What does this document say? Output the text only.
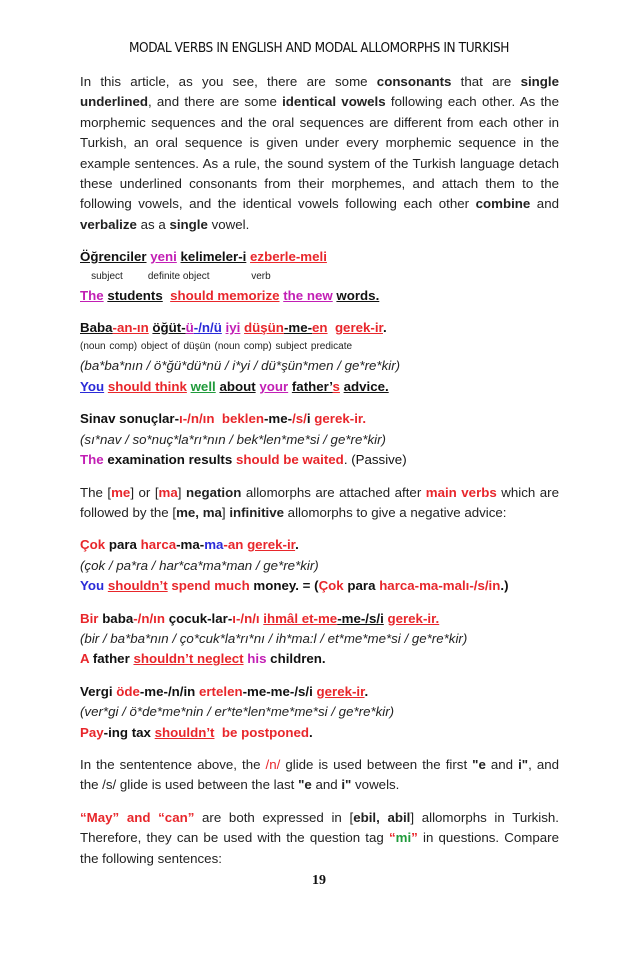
MODAL VERBS IN ENGLISH AND MODAL ALLOMORPHS IN TURKISH

In this article, as you see, there are some consonants that are single underlined, and there are some identical vowels following each other. As the morphemic sequences and the oral sequences are different from each other in Turkish, an oral sequence is given under every morphemic sequence in the example sentences. As a rule, the sound system of the Turkish language detach these underlined consonants from their morphemes, and attach them to the following vowels, and the identical vowels following each other combine and verbalize as a single vowel.

Öğrenciler yeni kelimeler-i ezberle-meli
subject	definite object	verb
The students should memorize the new words.
Baba-an-ın öğüt-ü-/n/ü iyi düşün-me-en gerek-ir.
(noun comp) object of düşün (noun comp) subject predicate
(ba*ba*nın / ö*ğü*dü*nü / i*yi / dü*şün*men / ge*re*kir)
You should think well about your father’s advice.
Sinav sonuçlar-ı-/n/ın beklen-me-/s/i gerek-ir.
(sı*nav / so*nuç*la*rı*nın / bek*len*me*si / ge*re*kir)
The examination results should be waited. (Passive)

The [me] or [ma] negation allomorphs are attached after main verbs which are followed by the [me, ma] infinitive allomorphs to give a negative advice:

Çok para harca-ma-ma-an gerek-ir.
(çok / pa*ra / har*ca*ma*man / ge*re*kir)
You shouldn’t spend much money. = (Çok para harca-ma-malı-/s/in.)
Bir baba-/n/ın çocuk-lar-ı-/n/ı ihmâl et-me-me-/s/i gerek-ir.
(bir / ba*ba*nın / ço*cuk*la*rı*nı / ih*ma:l / et*me*me*si / ge*re*kir)
A father shouldn’t neglect his children.
Vergi öde-me-/n/in ertelen-me-me-/s/i gerek-ir.
(ver*gi / ö*de*me*nin / er*te*len*me*me*si / ge*re*kir)
Pay-ing tax shouldn’t be postponed.

In the sententence above, the /n/ glide is used between the first "e and i", and the /s/ glide is used between the last "e and i" vowels.

“May” and “can” are both expressed in [ebil, abil] allomorphs in Turkish. Therefore, they can be used with the question tag “mi” in questions. Compare the following sentences:

19
